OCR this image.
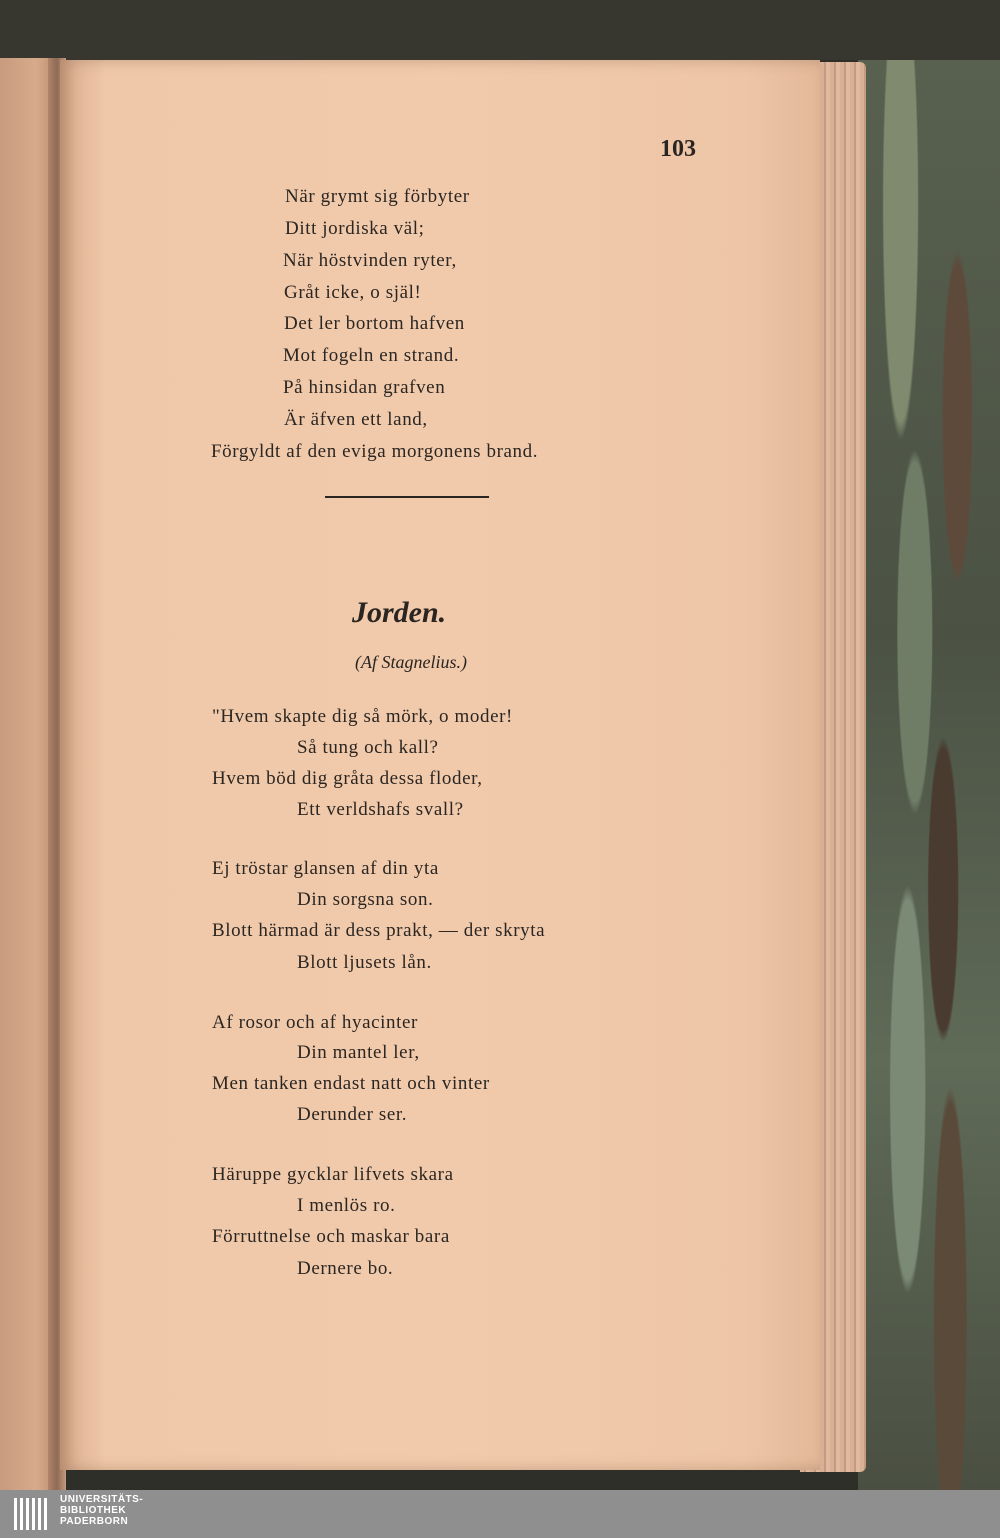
103
När grymt sig förbyter
Ditt jordiska väl;
När höstvinden ryter,
Gråt icke, o själ!
Det ler bortom hafven
Mot fogeln en strand.
På hinsidan grafven
Är äfven ett land,
Förgyldt af den eviga morgonens brand.
Jorden.
(Af Stagnelius.)
"Hvem skapte dig så mörk, o moder!
Så tung och kall?
Hvem böd dig gråta dessa floder,
Ett verldshafs svall?
Ej tröstar glansen af din yta
Din sorgsna son.
Blott härmad är dess prakt, — der skryta
Blott ljusets lån.
Af rosor och af hyacinter
Din mantel ler,
Men tanken endast natt och vinter
Derunder ser.
Häruppe gycklar lifvets skara
I menlös ro.
Förruttnelse och maskar bara
Dernere bo.
UNIVERSITÄTS-
BIBLIOTHEK
PADERBORN
